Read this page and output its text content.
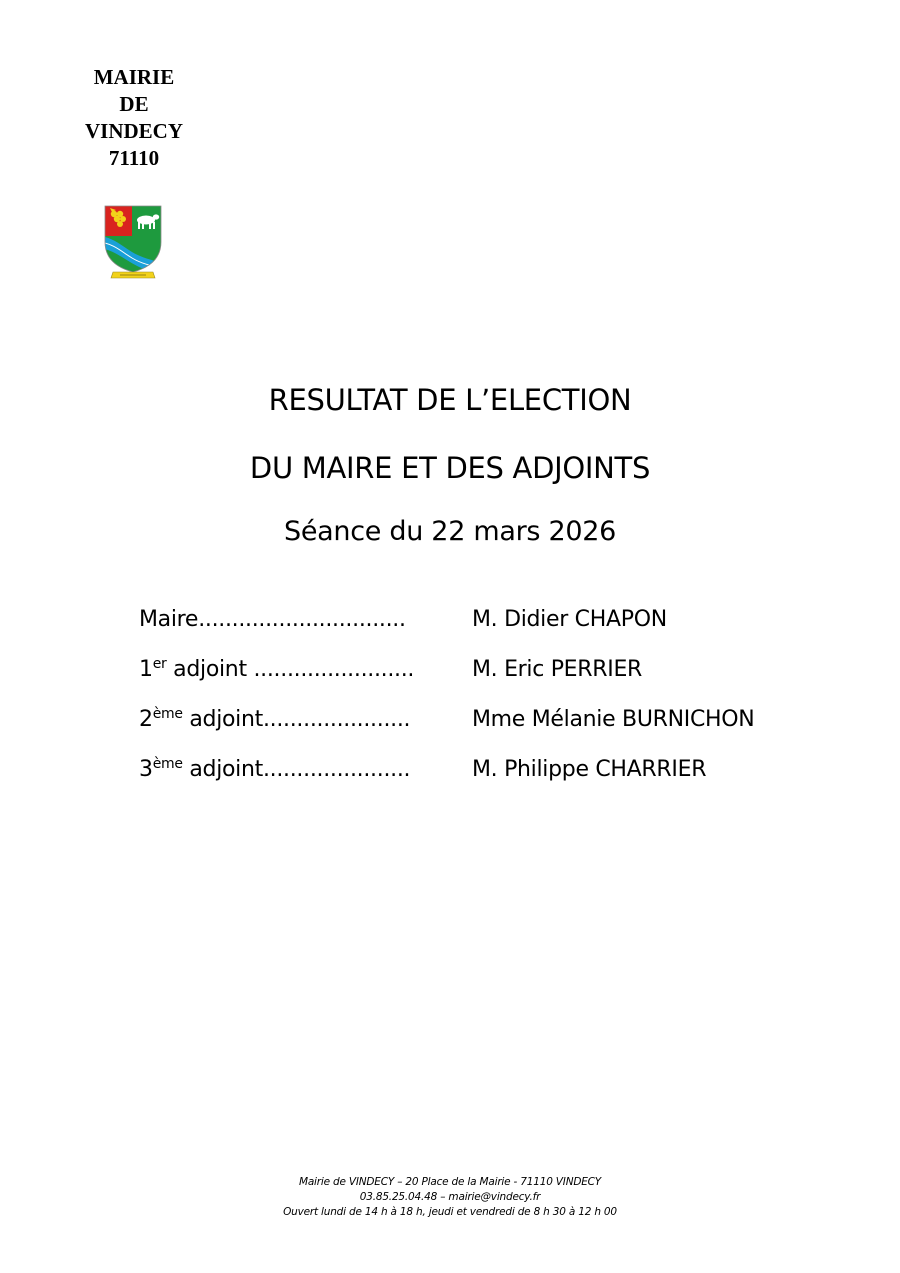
MAIRIE
DE
VINDECY
71110
RESULTAT DE L’ELECTION
DU MAIRE ET DES ADJOINTS
Séance du 22 mars 2026
Maire...............................	M. Didier CHAPON
1er adjoint ........................	M. Eric PERRIER
2ème adjoint......................	Mme Mélanie BURNICHON
3ème adjoint......................	M. Philippe CHARRIER
Mairie de VINDECY – 20 Place de la Mairie - 71110 VINDECY
03.85.25.04.48 – mairie@vindecy.fr
Ouvert lundi de 14 h à 18 h, jeudi et vendredi de 8 h 30 à 12 h 00
